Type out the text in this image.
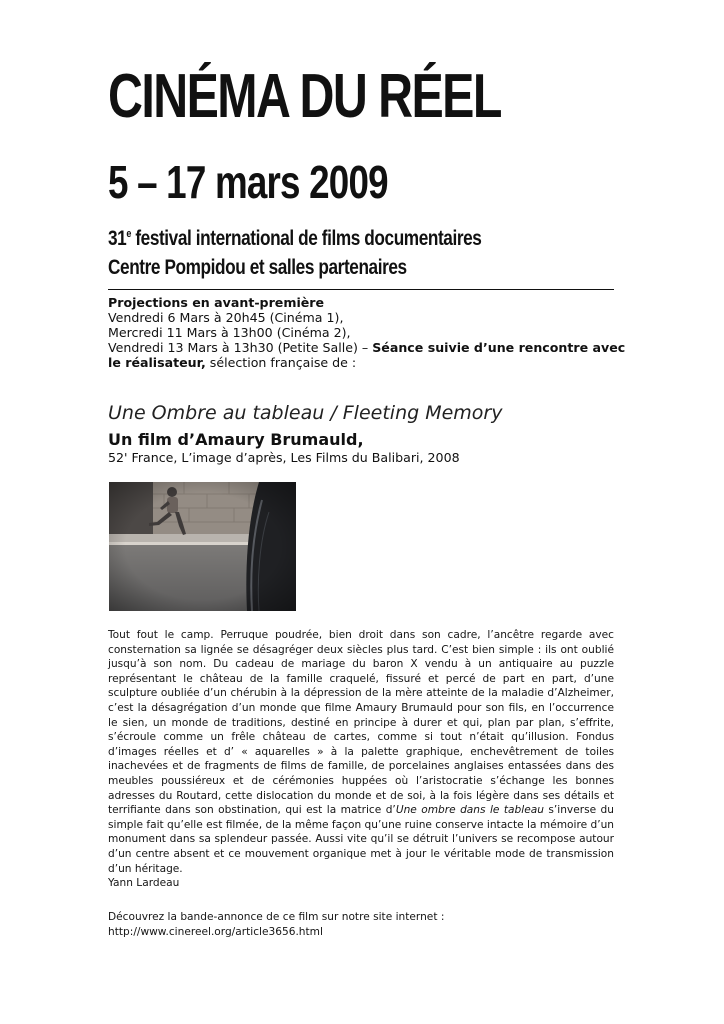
CINÉMA DU RÉEL
5 – 17 mars 2009
31e festival international de films documentaires
Centre Pompidou et salles partenaires
Projections en avant-première
Vendredi 6 Mars à 20h45 (Cinéma 1),
Mercredi 11 Mars à 13h00 (Cinéma 2),
Vendredi 13 Mars à 13h30 (Petite Salle) – Séance suivie d’une rencontre avec
le réalisateur, sélection française de :
Une Ombre au tableau / Fleeting Memory
Un film d’Amaury Brumauld,
52' France, L’image d’après, Les Films du Balibari, 2008

Tout fout le camp. Perruque poudrée, bien droit dans son cadre, l’ancêtre regarde avec consternation sa lignée se désagréger deux siècles plus tard. C’est bien simple : ils ont oublié jusqu’à son nom. Du cadeau de mariage du baron X vendu à un antiquaire au puzzle représentant le château de la famille craquelé, fissuré et percé de part en part, d’une sculpture oubliée d’un chérubin à la dépression de la mère atteinte de la maladie d’Alzheimer, c’est la désagrégation d’un monde que filme Amaury Brumauld pour son fils, en l’occurrence le sien, un monde de traditions, destiné en principe à durer et qui, plan par plan, s’effrite, s’écroule comme un frêle château de cartes, comme si tout n’était qu’illusion. Fondus d’images réelles et d’ « aquarelles » à la palette graphique, enchevêtrement de toiles inachevées et de fragments de films de famille, de porcelaines anglaises entassées dans des meubles poussiéreux et de cérémonies huppées où l’aristocratie s’échange les bonnes adresses du Routard, cette dislocation du monde et de soi, à la fois légère dans ses détails et terrifiante dans son obstination, qui est la matrice d’Une ombre dans le tableau s’inverse du simple fait qu’elle est filmée, de la même façon qu’une ruine conserve intacte la mémoire d’un monument dans sa splendeur passée. Aussi vite qu’il se détruit l’univers se recompose autour d’un centre absent et ce mouvement organique met à jour le véritable mode de transmission d’un héritage.

Yann Lardeau

Découvrez la bande-annonce de ce film sur notre site internet :
http://www.cinereel.org/article3656.html
